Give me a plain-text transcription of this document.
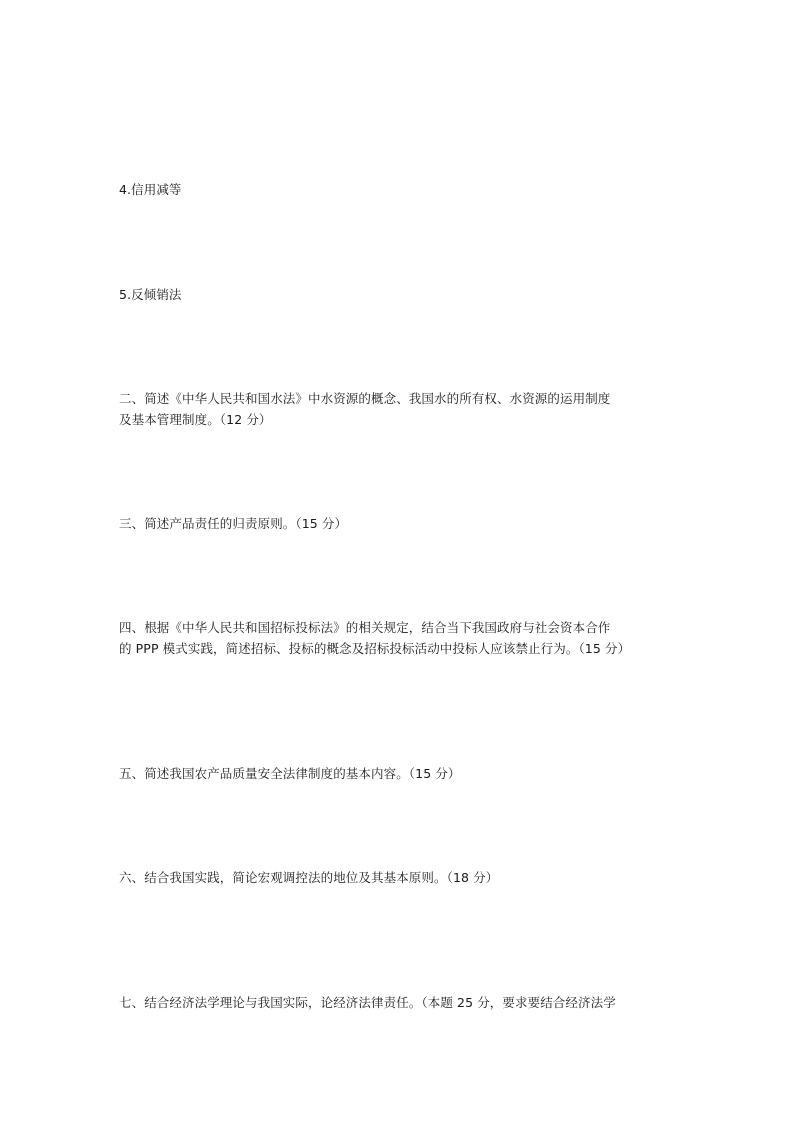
4.信用减等

5.反倾销法

二、简述《中华人民共和国水法》中水资源的概念、我国水的所有权、水资源的运用制度

及基本管理制度。（12 分）

三、简述产品责任的归责原则。（15 分）

四、根据《中华人民共和国招标投标法》的相关规定，结合当下我国政府与社会资本合作

的 PPP 模式实践，简述招标、投标的概念及招标投标活动中投标人应该禁止行为。（15 分）

五、简述我国农产品质量安全法律制度的基本内容。（15 分）

六、结合我国实践，简论宏观调控法的地位及其基本原则。（18 分）

七、结合经济法学理论与我国实际，论经济法律责任。（本题 25 分，要求要结合经济法学
